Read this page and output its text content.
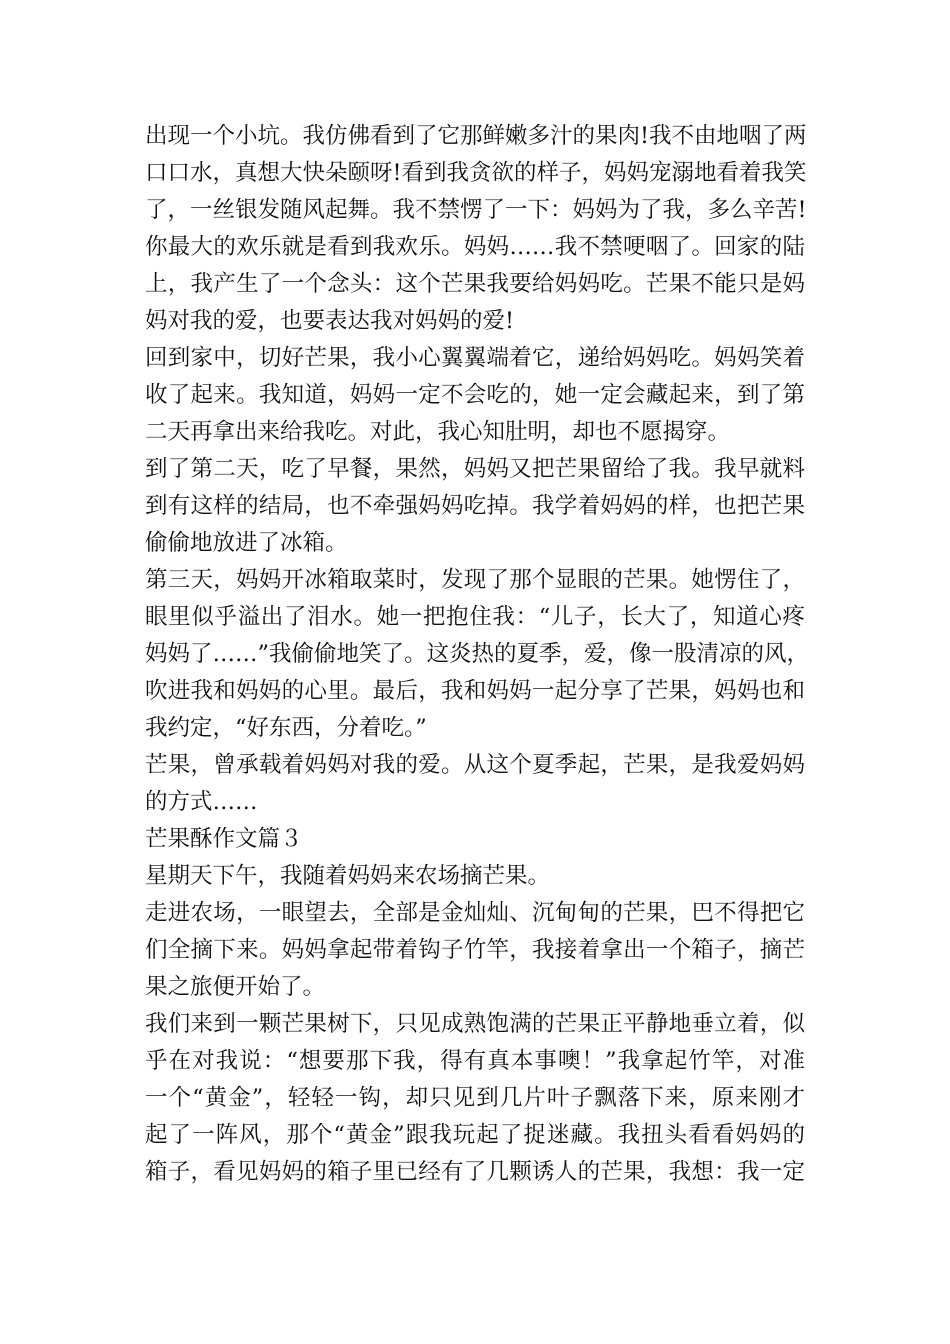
出现一个小坑。我仿佛看到了它那鲜嫩多汁的果肉!我不由地咽了两
口口水，真想大快朵颐呀!看到我贪欲的样子，妈妈宠溺地看着我笑
了，一丝银发随风起舞。我不禁愣了一下：妈妈为了我，多么辛苦!
你最大的欢乐就是看到我欢乐。妈妈……我不禁哽咽了。回家的陆
上，我产生了一个念头：这个芒果我要给妈妈吃。芒果不能只是妈
妈对我的爱，也要表达我对妈妈的爱!
回到家中，切好芒果，我小心翼翼端着它，递给妈妈吃。妈妈笑着
收了起来。我知道，妈妈一定不会吃的，她一定会藏起来，到了第
二天再拿出来给我吃。对此，我心知肚明，却也不愿揭穿。
到了第二天，吃了早餐，果然，妈妈又把芒果留给了我。我早就料
到有这样的结局，也不牵强妈妈吃掉。我学着妈妈的样，也把芒果
偷偷地放进了冰箱。
第三天，妈妈开冰箱取菜时，发现了那个显眼的芒果。她愣住了，
眼里似乎溢出了泪水。她一把抱住我：“儿子，长大了，知道心疼
妈妈了……”我偷偷地笑了。这炎热的夏季，爱，像一股清凉的风，
吹进我和妈妈的心里。最后，我和妈妈一起分享了芒果，妈妈也和
我约定，“好东西，分着吃。”
芒果，曾承载着妈妈对我的爱。从这个夏季起，芒果，是我爱妈妈
的方式……
芒果酥作文篇３
星期天下午，我随着妈妈来农场摘芒果。
走进农场，一眼望去，全部是金灿灿、沉甸甸的芒果，巴不得把它
们全摘下来。妈妈拿起带着钩子竹竿，我接着拿出一个箱子，摘芒
果之旅便开始了。
我们来到一颗芒果树下，只见成熟饱满的芒果正平静地垂立着，似
乎在对我说：“想要那下我，得有真本事噢！”我拿起竹竿，对准
一个“黄金”，轻轻一钩，却只见到几片叶子飘落下来，原来刚才
起了一阵风，那个“黄金”跟我玩起了捉迷藏。我扭头看看妈妈的
箱子，看见妈妈的箱子里已经有了几颗诱人的芒果，我想：我一定
